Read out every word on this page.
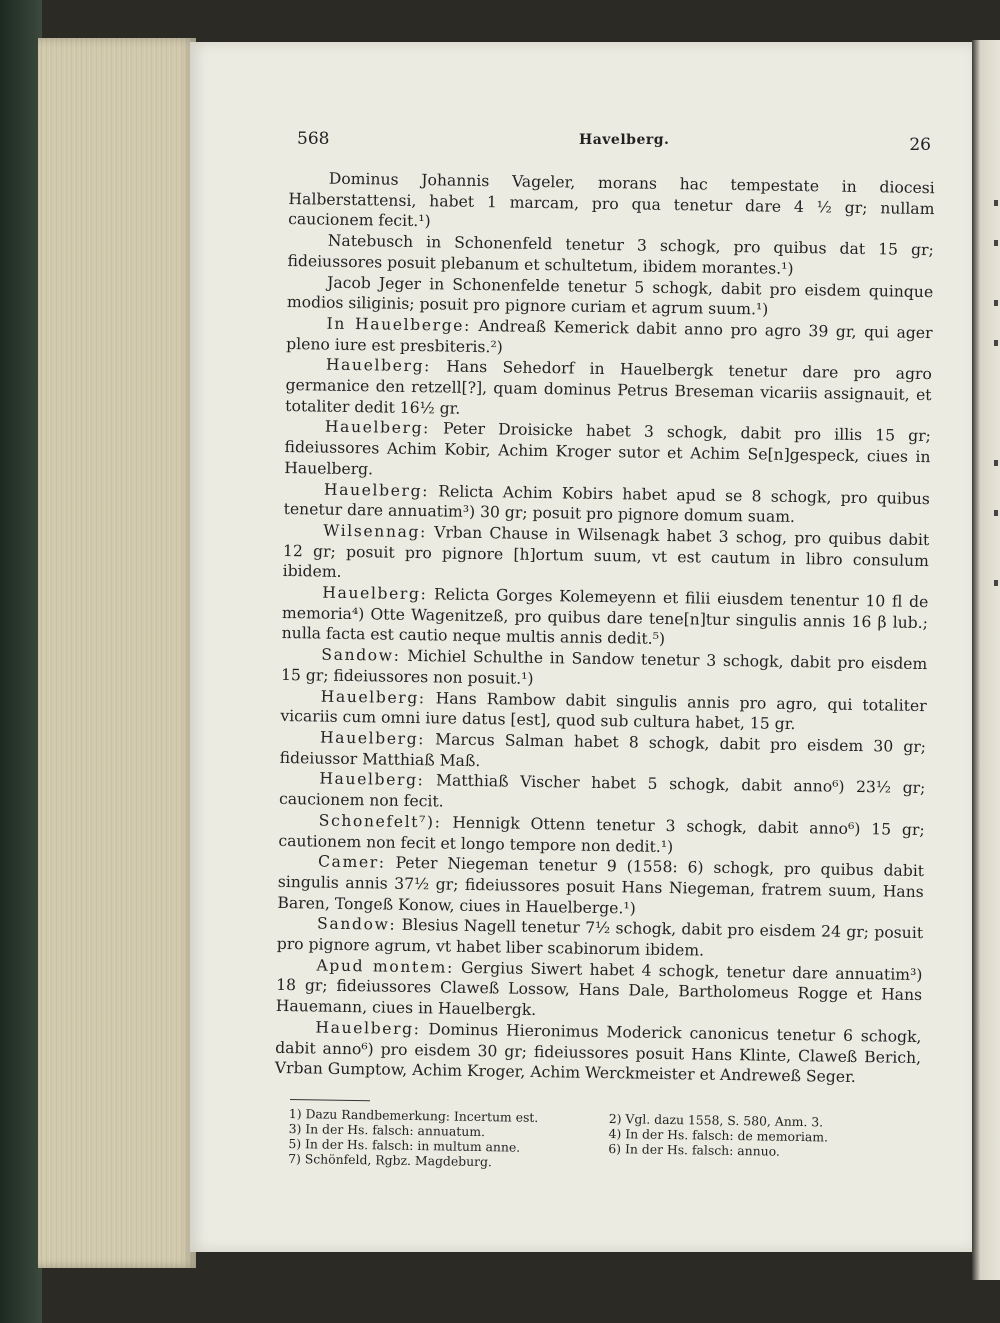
568	Havelberg.	26

Dominus Johannis Vageler, morans hac tempestate in diocesi Halberstattensi, habet 1 marcam, pro qua tenetur dare 4 ½ gr; nullam caucionem fecit.¹)

Natebusch in Schonenfeld tenetur 3 schogk, pro quibus dat 15 gr; fideiussores posuit plebanum et schultetum, ibidem morantes.¹)

Jacob Jeger in Schonenfelde tenetur 5 schogk, dabit pro eisdem quinque modios siliginis; posuit pro pignore curiam et agrum suum.¹)

In Hauelberge: Andreaß Kemerick dabit anno pro agro 39 gr, qui ager pleno iure est presbiteris.²)

Hauelberg: Hans Sehedorf in Hauelbergk tenetur dare pro agro germanice den retzell[?], quam dominus Petrus Breseman vicariis assignauit, et totaliter dedit 16½ gr.

Hauelberg: Peter Droisicke habet 3 schogk, dabit pro illis 15 gr; fideiussores Achim Kobir, Achim Kroger sutor et Achim Se[n]gespeck, ciues in Hauelberg.

Hauelberg: Relicta Achim Kobirs habet apud se 8 schogk, pro quibus tenetur dare annuatim³) 30 gr; posuit pro pignore domum suam.

Wilsennag: Vrban Chause in Wilsenagk habet 3 schog, pro quibus dabit 12 gr; posuit pro pignore [h]ortum suum, vt est cautum in libro consulum ibidem.

Hauelberg: Relicta Gorges Kolemeyenn et filii eiusdem tenentur 10 fl de memoria⁴) Otte Wagenitzeß, pro quibus dare tene[n]tur singulis annis 16 β lub.; nulla facta est cautio neque multis annis dedit.⁵)

Sandow: Michiel Schulthe in Sandow tenetur 3 schogk, dabit pro eisdem 15 gr; fideiussores non posuit.¹)

Hauelberg: Hans Rambow dabit singulis annis pro agro, qui totaliter vicariis cum omni iure datus [est], quod sub cultura habet, 15 gr.

Hauelberg: Marcus Salman habet 8 schogk, dabit pro eisdem 30 gr; fideiussor Matthiaß Maß.

Hauelberg: Matthiaß Vischer habet 5 schogk, dabit anno⁶) 23½ gr; caucionem non fecit.

Schonefelt⁷): Hennigk Ottenn tenetur 3 schogk, dabit anno⁶) 15 gr; cautionem non fecit et longo tempore non dedit.¹)

Camer: Peter Niegeman tenetur 9 (1558: 6) schogk, pro quibus dabit singulis annis 37½ gr; fideiussores posuit Hans Niegeman, fratrem suum, Hans Baren, Tongeß Konow, ciues in Hauelberge.¹)

Sandow: Blesius Nagell tenetur 7½ schogk, dabit pro eisdem 24 gr; posuit pro pignore agrum, vt habet liber scabinorum ibidem.

Apud montem: Gergius Siwert habet 4 schogk, tenetur dare annuatim³) 18 gr; fideiussores Claweß Lossow, Hans Dale, Bartholomeus Rogge et Hans Hauemann, ciues in Hauelbergk.

Hauelberg: Dominus Hieronimus Moderick canonicus tenetur 6 schogk, dabit anno⁶) pro eisdem 30 gr; fideiussores posuit Hans Klinte, Claweß Berich, Vrban Gumptow, Achim Kroger, Achim Werckmeister et Andreweß Seger.

1) Dazu Randbemerkung: Incertum est.	2) Vgl. dazu 1558, S. 580, Anm. 3.
3) In der Hs. falsch: annuatum.	4) In der Hs. falsch: de memoriam.
5) In der Hs. falsch: in multum anne.	6) In der Hs. falsch: annuo.
7) Schönfeld, Rgbz. Magdeburg.
